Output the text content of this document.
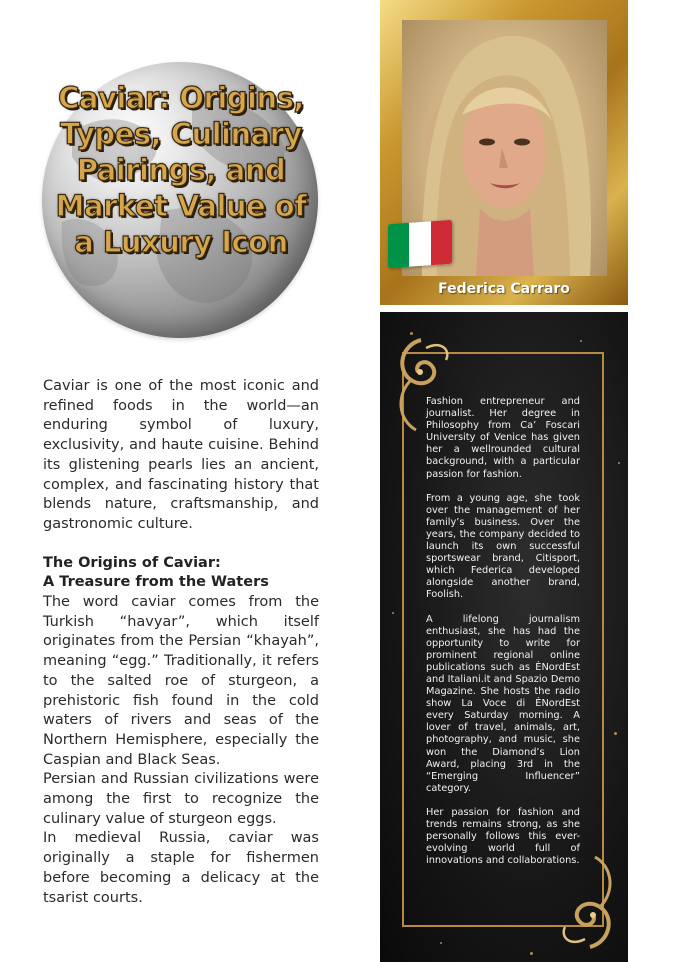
Caviar: Origins, Types, Culinary Pairings, and Market Value of a Luxury Icon

Caviar is one of the most iconic and refined foods in the world—an enduring symbol of luxury, exclusivity, and haute cuisine. Behind its glistening pearls lies an ancient, complex, and fascinating history that blends nature, craftsmanship, and gastronomic culture.

The Origins of Caviar:
A Treasure from the Waters

The word caviar comes from the Turkish “havyar”, which itself originates from the Persian “khayah”, meaning “egg.” Traditionally, it refers to the salted roe of sturgeon, a prehistoric fish found in the cold waters of rivers and seas of the Northern Hemisphere, especially the Caspian and Black Seas.

Persian and Russian civilizations were among the first to recognize the culinary value of sturgeon eggs.

In medieval Russia, caviar was originally a staple for fishermen before becoming a delicacy at the tsarist courts.

Federica Carraro

Fashion entrepreneur and journalist. Her degree in Philosophy from Ca’ Foscari University of Venice has given her a wellrounded cultural background, with a particular passion for fashion.

From a young age, she took over the management of her family’s business. Over the years, the company decided to launch its own successful sportswear brand, Citisport, which Federica developed alongside another brand, Foolish.

A lifelong journalism enthusiast, she has had the opportunity to write for prominent regional online publications such as ÈNordEst and Italiani.it and Spazio Demo Magazine. She hosts the radio show La Voce di ÈNordEst every Saturday morning. A lover of travel, animals, art, photography, and music, she won the Diamond’s Lion Award, placing 3rd in the “Emerging Influencer” category.

Her passion for fashion and trends remains strong, as she personally follows this ever-evolving world full of innovations and collaborations.
